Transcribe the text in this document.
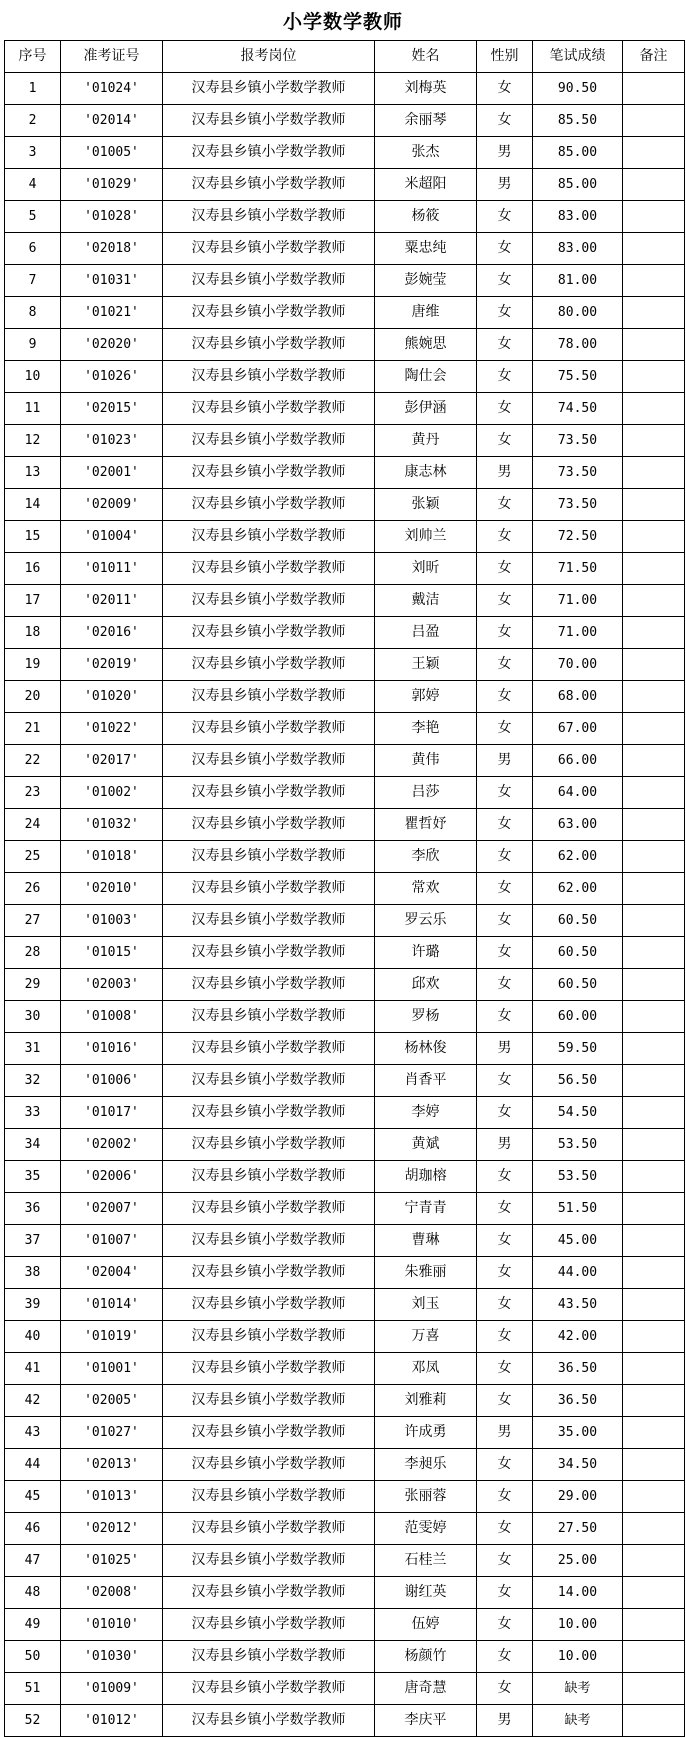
小学数学教师
序号	准考证号	报考岗位	姓名	性别	笔试成绩	备注
1	'01024'	汉寿县乡镇小学数学教师	刘梅英	女	90.50	
2	'02014'	汉寿县乡镇小学数学教师	余丽琴	女	85.50	
3	'01005'	汉寿县乡镇小学数学教师	张杰	男	85.00	
4	'01029'	汉寿县乡镇小学数学教师	米超阳	男	85.00	
5	'01028'	汉寿县乡镇小学数学教师	杨筱	女	83.00	
6	'02018'	汉寿县乡镇小学数学教师	粟忠纯	女	83.00	
7	'01031'	汉寿县乡镇小学数学教师	彭婉莹	女	81.00	
8	'01021'	汉寿县乡镇小学数学教师	唐维	女	80.00	
9	'02020'	汉寿县乡镇小学数学教师	熊婉思	女	78.00	
10	'01026'	汉寿县乡镇小学数学教师	陶仕会	女	75.50	
11	'02015'	汉寿县乡镇小学数学教师	彭伊涵	女	74.50	
12	'01023'	汉寿县乡镇小学数学教师	黄丹	女	73.50	
13	'02001'	汉寿县乡镇小学数学教师	康志林	男	73.50	
14	'02009'	汉寿县乡镇小学数学教师	张颖	女	73.50	
15	'01004'	汉寿县乡镇小学数学教师	刘帅兰	女	72.50	
16	'01011'	汉寿县乡镇小学数学教师	刘昕	女	71.50	
17	'02011'	汉寿县乡镇小学数学教师	戴洁	女	71.00	
18	'02016'	汉寿县乡镇小学数学教师	吕盈	女	71.00	
19	'02019'	汉寿县乡镇小学数学教师	王颖	女	70.00	
20	'01020'	汉寿县乡镇小学数学教师	郭婷	女	68.00	
21	'01022'	汉寿县乡镇小学数学教师	李艳	女	67.00	
22	'02017'	汉寿县乡镇小学数学教师	黄伟	男	66.00	
23	'01002'	汉寿县乡镇小学数学教师	吕莎	女	64.00	
24	'01032'	汉寿县乡镇小学数学教师	瞿哲妤	女	63.00	
25	'01018'	汉寿县乡镇小学数学教师	李欣	女	62.00	
26	'02010'	汉寿县乡镇小学数学教师	常欢	女	62.00	
27	'01003'	汉寿县乡镇小学数学教师	罗云乐	女	60.50	
28	'01015'	汉寿县乡镇小学数学教师	许璐	女	60.50	
29	'02003'	汉寿县乡镇小学数学教师	邱欢	女	60.50	
30	'01008'	汉寿县乡镇小学数学教师	罗杨	女	60.00	
31	'01016'	汉寿县乡镇小学数学教师	杨林俊	男	59.50	
32	'01006'	汉寿县乡镇小学数学教师	肖香平	女	56.50	
33	'01017'	汉寿县乡镇小学数学教师	李婷	女	54.50	
34	'02002'	汉寿县乡镇小学数学教师	黄斌	男	53.50	
35	'02006'	汉寿县乡镇小学数学教师	胡珈榕	女	53.50	
36	'02007'	汉寿县乡镇小学数学教师	宁青青	女	51.50	
37	'01007'	汉寿县乡镇小学数学教师	曹琳	女	45.00	
38	'02004'	汉寿县乡镇小学数学教师	朱雅丽	女	44.00	
39	'01014'	汉寿县乡镇小学数学教师	刘玉	女	43.50	
40	'01019'	汉寿县乡镇小学数学教师	万喜	女	42.00	
41	'01001'	汉寿县乡镇小学数学教师	邓凤	女	36.50	
42	'02005'	汉寿县乡镇小学数学教师	刘雅莉	女	36.50	
43	'01027'	汉寿县乡镇小学数学教师	许成勇	男	35.00	
44	'02013'	汉寿县乡镇小学数学教师	李昶乐	女	34.50	
45	'01013'	汉寿县乡镇小学数学教师	张丽蓉	女	29.00	
46	'02012'	汉寿县乡镇小学数学教师	范雯婷	女	27.50	
47	'01025'	汉寿县乡镇小学数学教师	石桂兰	女	25.00	
48	'02008'	汉寿县乡镇小学数学教师	谢红英	女	14.00	
49	'01010'	汉寿县乡镇小学数学教师	伍婷	女	10.00	
50	'01030'	汉寿县乡镇小学数学教师	杨颜竹	女	10.00	
51	'01009'	汉寿县乡镇小学数学教师	唐奇慧	女	缺考	
52	'01012'	汉寿县乡镇小学数学教师	李庆平	男	缺考	
